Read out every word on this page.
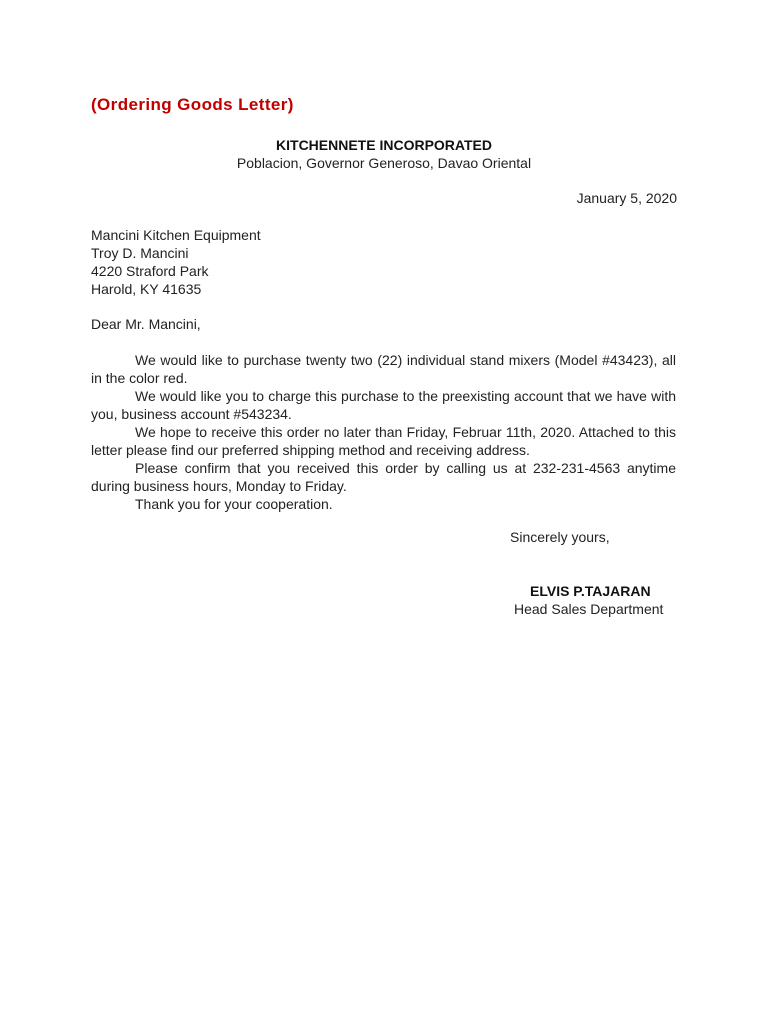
(Ordering Goods Letter)
KITCHENNETE INCORPORATED
Poblacion, Governor Generoso, Davao Oriental
January 5, 2020
Mancini Kitchen Equipment
Troy D. Mancini
4220 Straford Park
Harold, KY 41635
Dear Mr. Mancini,

We would like to purchase twenty two (22) individual stand mixers (Model #43423), all in the color red.

We would like you to charge this purchase to the preexisting account that we have with you, business account #543234.

We hope to receive this order no later than Friday, Februar 11th, 2020. Attached to this letter please find our preferred shipping method and receiving address.

Please confirm that you received this order by calling us at 232-231-4563 anytime during business hours, Monday to Friday.

Thank you for your cooperation.

Sincerely yours,
ELVIS P.TAJARAN
Head Sales Department
